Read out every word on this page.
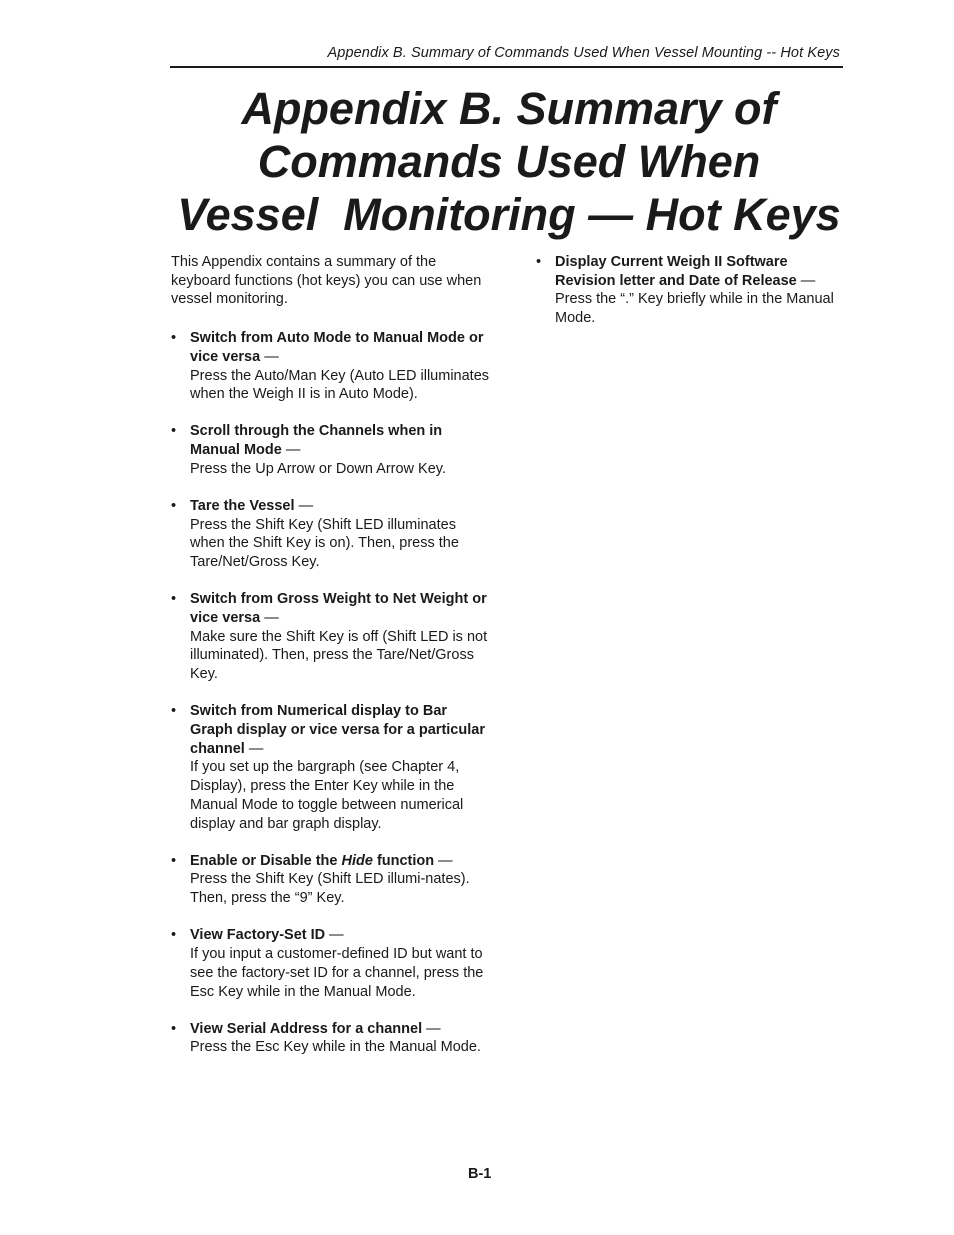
Appendix B. Summary of Commands Used When Vessel Mounting -- Hot Keys
Appendix B. Summary of
Commands Used When
Vessel  Monitoring — Hot Keys

This Appendix contains a summary of the keyboard functions (hot keys) you can use when vessel monitoring.

• Switch from Auto Mode to Manual Mode or vice versa —
Press the Auto/Man Key (Auto LED illuminates when the Weigh II is in Auto Mode).
• Scroll through the Channels when in Manual Mode —
Press the Up Arrow or Down Arrow Key.
• Tare the Vessel —
Press the Shift Key (Shift LED illuminates when the Shift Key is on). Then, press the Tare/Net/Gross Key.
• Switch from Gross Weight to Net Weight or vice versa —
Make sure the Shift Key is off (Shift LED is not illuminated). Then, press the Tare/Net/Gross Key.
• Switch from Numerical display to Bar Graph display or vice versa for a particular channel —
If you set up the bargraph (see Chapter 4, Display), press the Enter Key while in the Manual Mode to toggle between numerical display and bar graph display.
• Enable or Disable the Hide function —
Press the Shift Key (Shift LED illumi-nates). Then, press the “9” Key.
• View Factory-Set ID —
If you input a customer-defined ID but want to see the factory-set ID for a channel, press the Esc Key while in the Manual Mode.
• View Serial Address for a channel —
Press the Esc Key while in the Manual Mode.
• Display Current Weigh II Software Revision letter and Date of Release —
Press the “.” Key briefly while in the Manual Mode.
B-1
